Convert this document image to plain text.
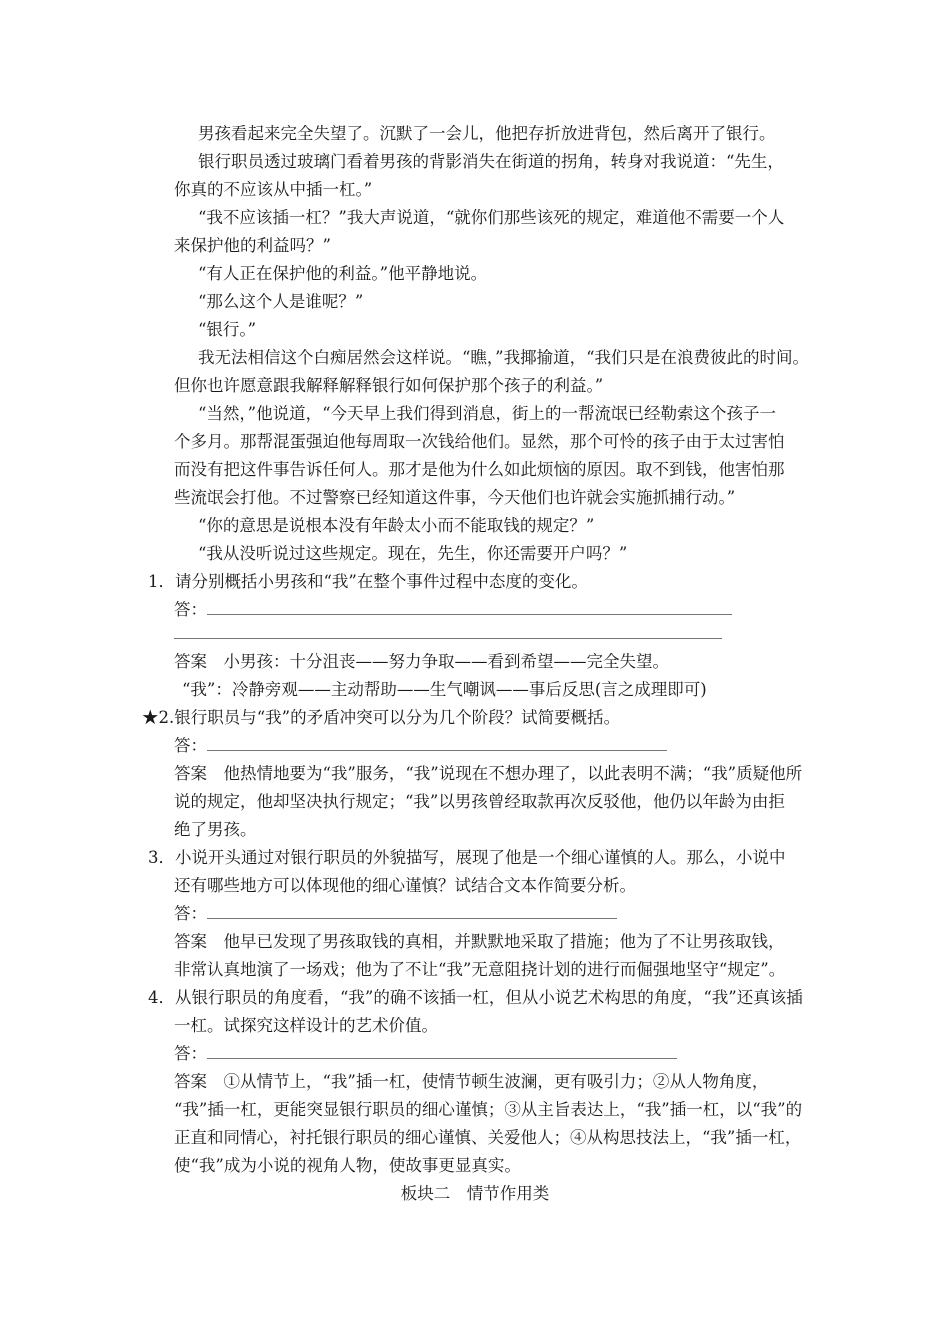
男孩看起来完全失望了。沉默了一会儿，他把存折放进背包，然后离开了银行。
银行职员透过玻璃门看着男孩的背影消失在街道的拐角，转身对我说道：“先生，
你真的不应该从中插一杠。”
“我不应该插一杠？”我大声说道，“就你们那些该死的规定，难道他不需要一个人
来保护他的利益吗？”
“有人正在保护他的利益。”他平静地说。
“那么这个人是谁呢？”
“银行。”
我无法相信这个白痴居然会这样说。“瞧，”我揶揄道，“我们只是在浪费彼此的时间。
但你也许愿意跟我解释解释银行如何保护那个孩子的利益。”
“当然，”他说道，“今天早上我们得到消息，街上的一帮流氓已经勒索这个孩子一
个多月。那帮混蛋强迫他每周取一次钱给他们。显然，那个可怜的孩子由于太过害怕
而没有把这件事告诉任何人。那才是他为什么如此烦恼的原因。取不到钱，他害怕那
些流氓会打他。不过警察已经知道这件事，今天他们也许就会实施抓捕行动。”
“你的意思是说根本没有年龄太小而不能取钱的规定？”
“我从没听说过这些规定。现在，先生，你还需要开户吗？”
1．请分别概括小男孩和“我”在整个事件过程中态度的变化。
答：
答案　小男孩：十分沮丧——努力争取——看到希望——完全失望。
“我”：冷静旁观——主动帮助——生气嘲讽——事后反思(言之成理即可)
★2.银行职员与“我”的矛盾冲突可以分为几个阶段？试简要概括。
答：
答案　他热情地要为“我”服务，“我”说现在不想办理了，以此表明不满；“我”质疑他所
说的规定，他却坚决执行规定；“我”以男孩曾经取款再次反驳他，他仍以年龄为由拒
绝了男孩。
3．小说开头通过对银行职员的外貌描写，展现了他是一个细心谨慎的人。那么，小说中
还有哪些地方可以体现他的细心谨慎？试结合文本作简要分析。
答：
答案　他早已发现了男孩取钱的真相，并默默地采取了措施；他为了不让男孩取钱，
非常认真地演了一场戏；他为了不让“我”无意阻挠计划的进行而倔强地坚守“规定”。
4．从银行职员的角度看，“我”的确不该插一杠，但从小说艺术构思的角度，“我”还真该插
一杠。试探究这样设计的艺术价值。
答：
答案　①从情节上，“我”插一杠，使情节顿生波澜，更有吸引力；②从人物角度，
“我”插一杠，更能突显银行职员的细心谨慎；③从主旨表达上，“我”插一杠，以“我”的
正直和同情心，衬托银行职员的细心谨慎、关爱他人；④从构思技法上，“我”插一杠，
使“我”成为小说的视角人物，使故事更显真实。
板块二　情节作用类
